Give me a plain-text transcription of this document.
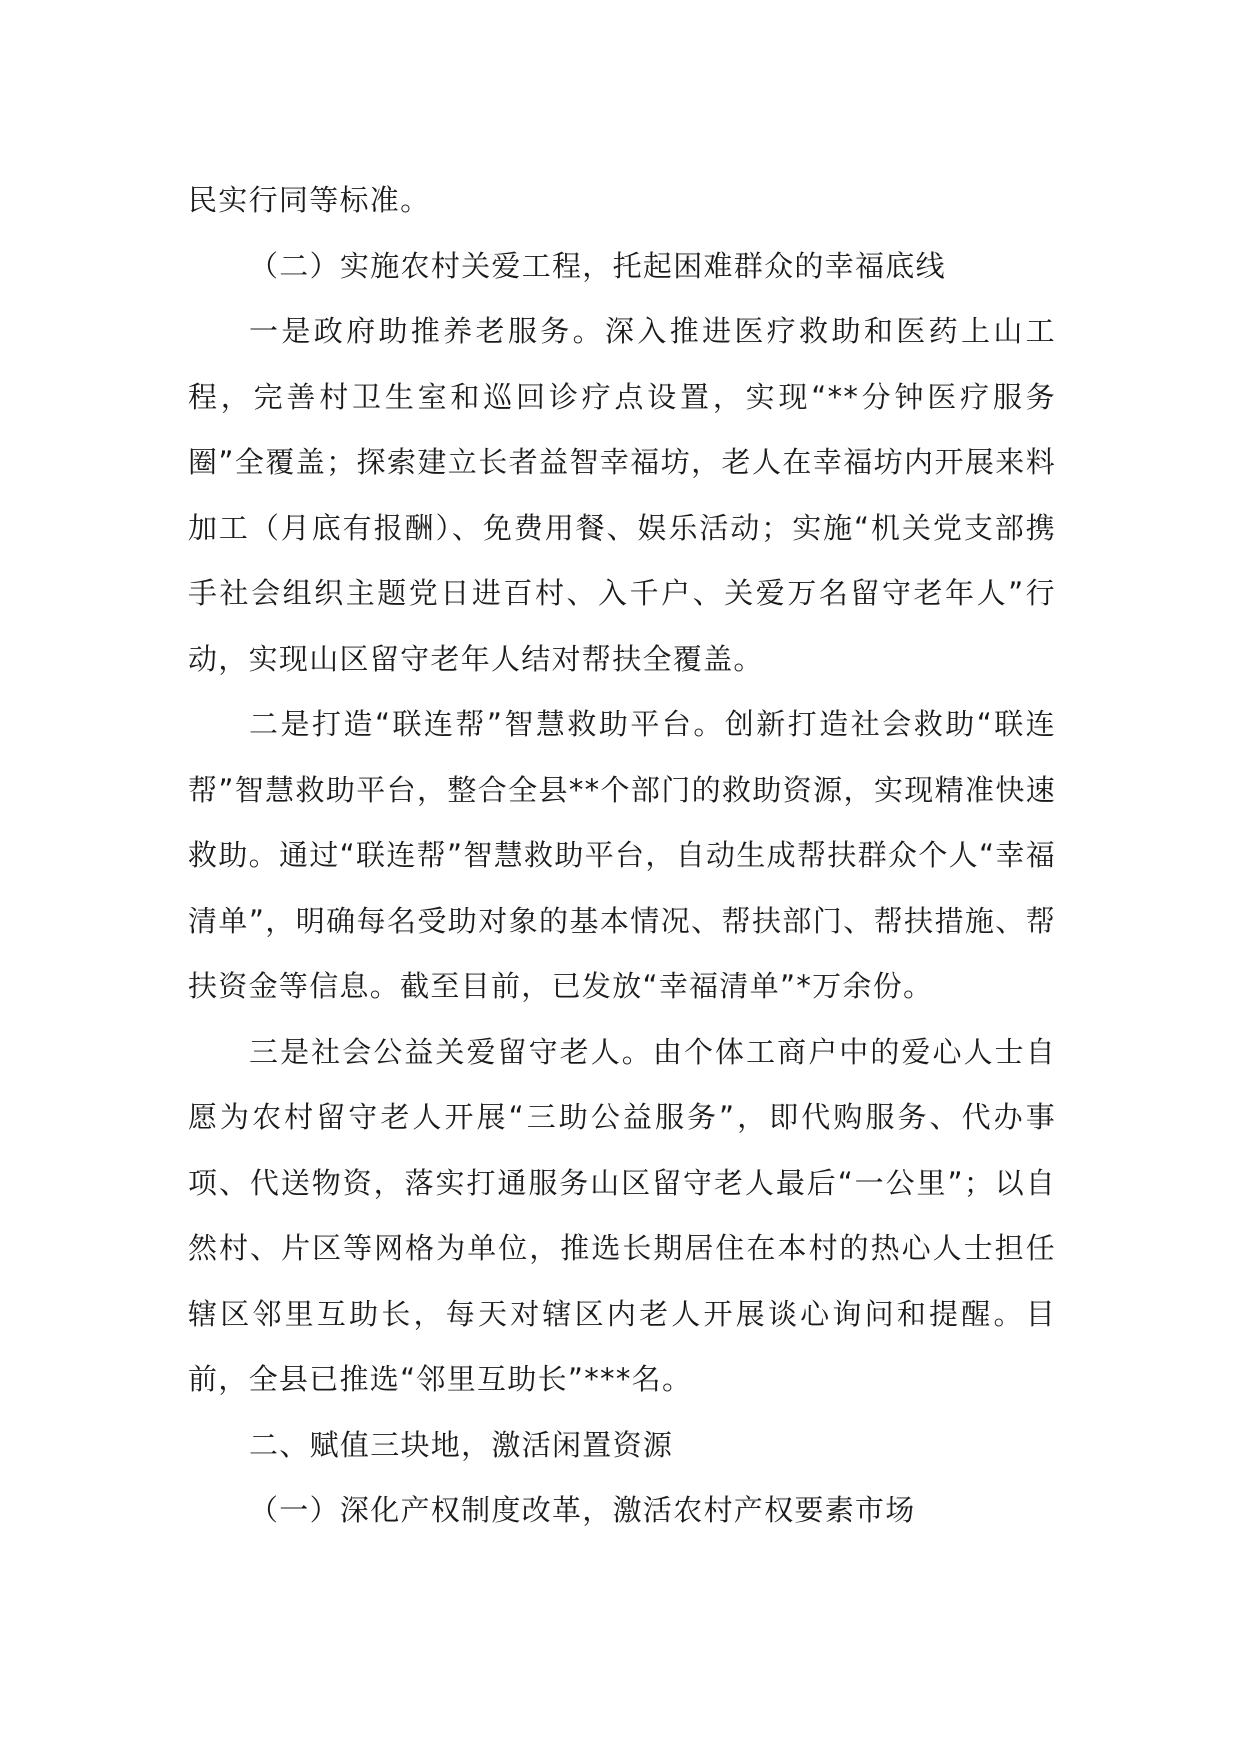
民实行同等标准。

（二）实施农村关爱工程，托起困难群众的幸福底线

一是政府助推养老服务。深入推进医疗救助和医药上山工程，完善村卫生室和巡回诊疗点设置，实现“**分钟医疗服务圈”全覆盖；探索建立长者益智幸福坊，老人在幸福坊内开展来料加工（月底有报酬）、免费用餐、娱乐活动；实施“机关党支部携手社会组织主题党日进百村、入千户、关爱万名留守老年人”行动，实现山区留守老年人结对帮扶全覆盖。

二是打造“联连帮”智慧救助平台。创新打造社会救助“联连帮”智慧救助平台，整合全县**个部门的救助资源，实现精准快速救助。通过“联连帮”智慧救助平台，自动生成帮扶群众个人“幸福清单”，明确每名受助对象的基本情况、帮扶部门、帮扶措施、帮扶资金等信息。截至目前，已发放“幸福清单”*万余份。

三是社会公益关爱留守老人。由个体工商户中的爱心人士自愿为农村留守老人开展“三助公益服务”，即代购服务、代办事项、代送物资，落实打通服务山区留守老人最后“一公里”；以自然村、片区等网格为单位，推选长期居住在本村的热心人士担任辖区邻里互助长，每天对辖区内老人开展谈心询问和提醒。目前，全县已推选“邻里互助长”***名。

二、赋值三块地，激活闲置资源

（一）深化产权制度改革，激活农村产权要素市场
